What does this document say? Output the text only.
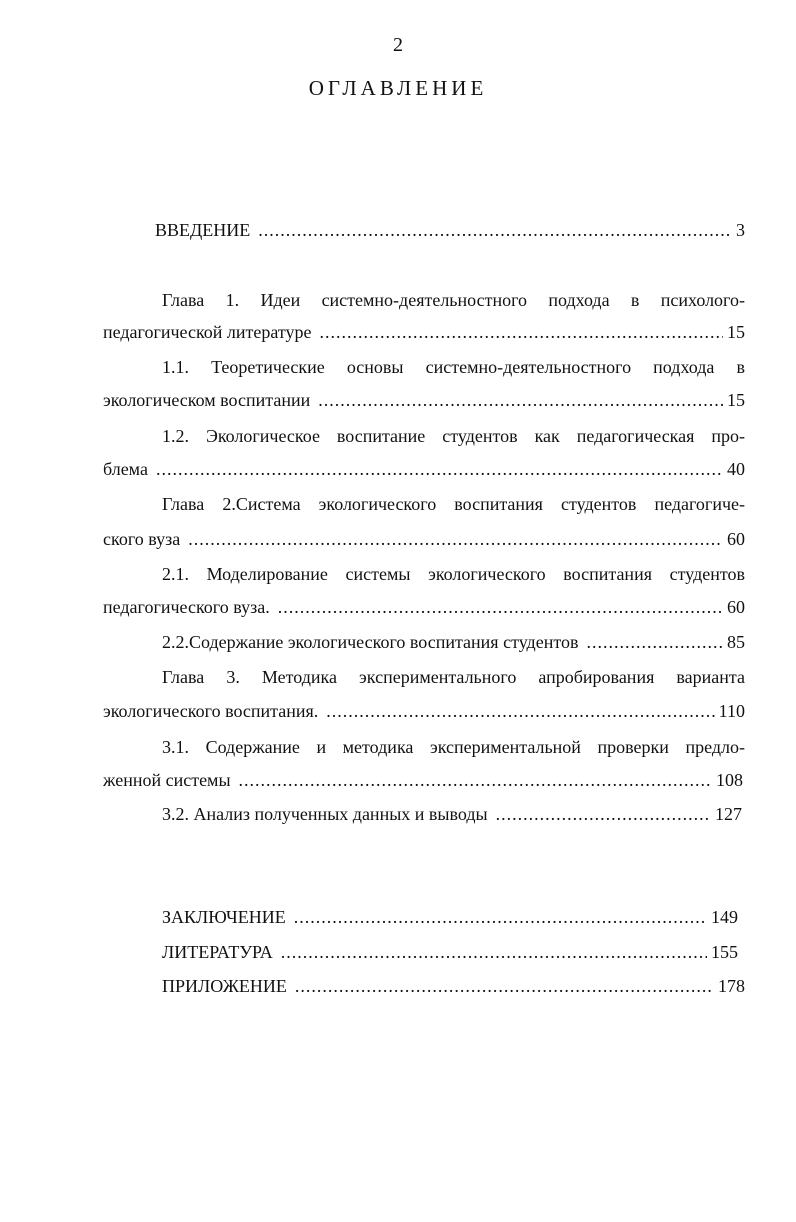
2
ОГЛАВЛЕНИЕ
ВВЕДЕНИЕ .....	3
Глава 1. Идеи системно-деятельностного подхода в психолого-
педагогической литературе .....	15
1.1. Теоретические основы системно-деятельностного подхода в
экологическом воспитании .....	15
1.2. Экологическое воспитание студентов как педагогическая про-
блема .....	40
Глава 2.Система экологического воспитания студентов педагогиче-
ского вуза .....	60
2.1. Моделирование системы экологического воспитания студентов
педагогического вуза. .....	60
2.2.Содержание экологического воспитания студентов .....	85
Глава 3. Методика экспериментального апробирования варианта
экологического воспитания. .....	110
3.1. Содержание и методика экспериментальной проверки предло-
женной системы .....	108
3.2. Анализ полученных данных и выводы .....	127
ЗАКЛЮЧЕНИЕ .....	149
ЛИТЕРАТУРА .....	155
ПРИЛОЖЕНИЕ .....	178
